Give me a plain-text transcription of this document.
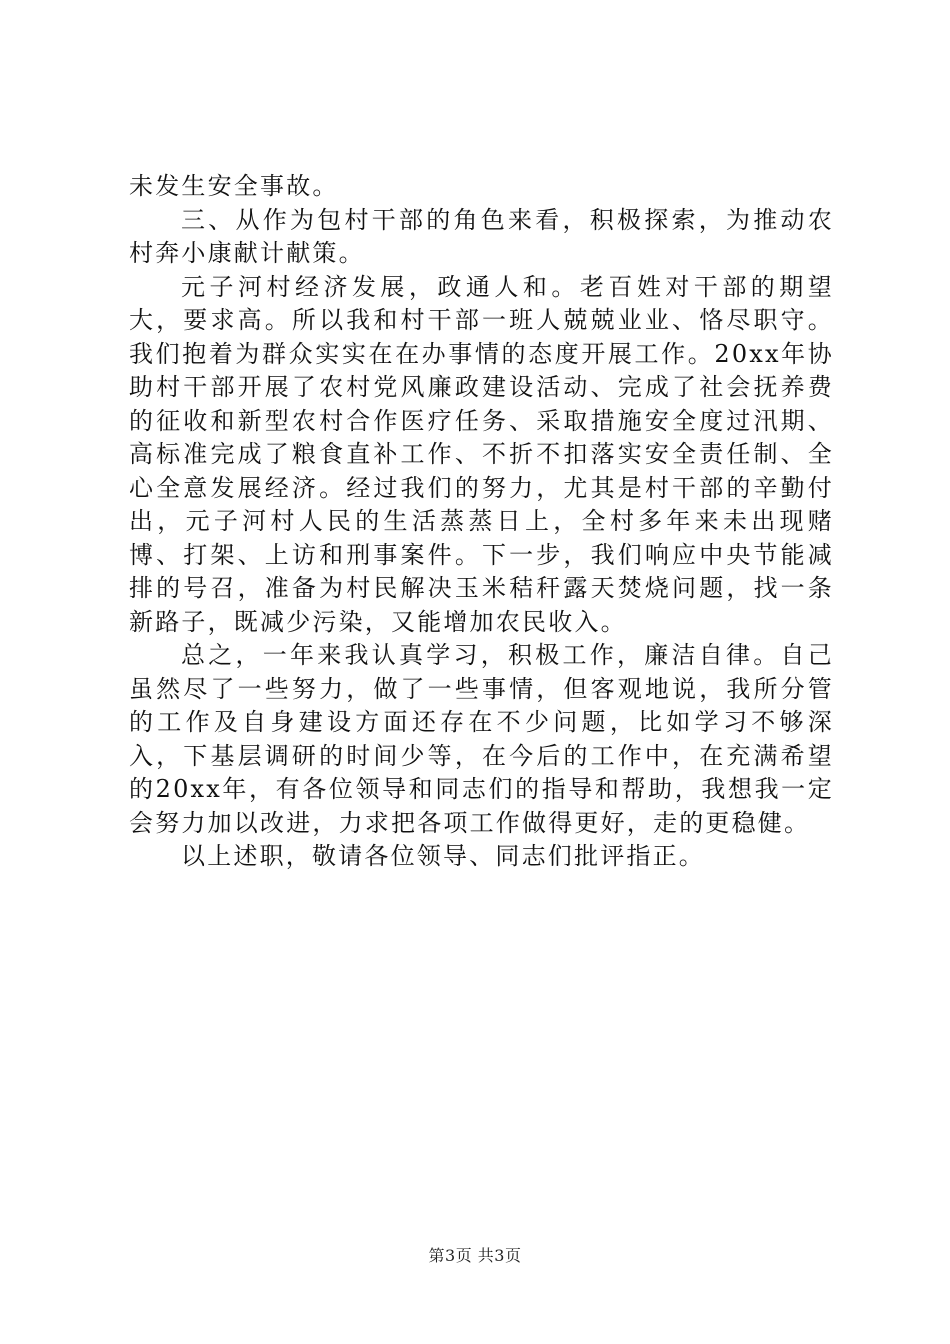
未发生安全事故。

三、从作为包村干部的角色来看，积极探索，为推动农村奔小康献计献策。

元子河村经济发展，政通人和。老百姓对干部的期望大，要求高。所以我和村干部一班人兢兢业业、恪尽职守。我们抱着为群众实实在在办事情的态度开展工作。20xx年协助村干部开展了农村党风廉政建设活动、完成了社会抚养费的征收和新型农村合作医疗任务、采取措施安全度过汛期、高标准完成了粮食直补工作、不折不扣落实安全责任制、全心全意发展经济。经过我们的努力，尤其是村干部的辛勤付出，元子河村人民的生活蒸蒸日上，全村多年来未出现赌博、打架、上访和刑事案件。下一步，我们响应中央节能减排的号召，准备为村民解决玉米秸秆露天焚烧问题，找一条新路子，既减少污染，又能增加农民收入。

总之，一年来我认真学习，积极工作，廉洁自律。自己虽然尽了一些努力，做了一些事情，但客观地说，我所分管的工作及自身建设方面还存在不少问题，比如学习不够深入，下基层调研的时间少等，在今后的工作中，在充满希望的20xx年，有各位领导和同志们的指导和帮助，我想我一定会努力加以改进，力求把各项工作做得更好，走的更稳健。

以上述职，敬请各位领导、同志们批评指正。

第3页 共3页
